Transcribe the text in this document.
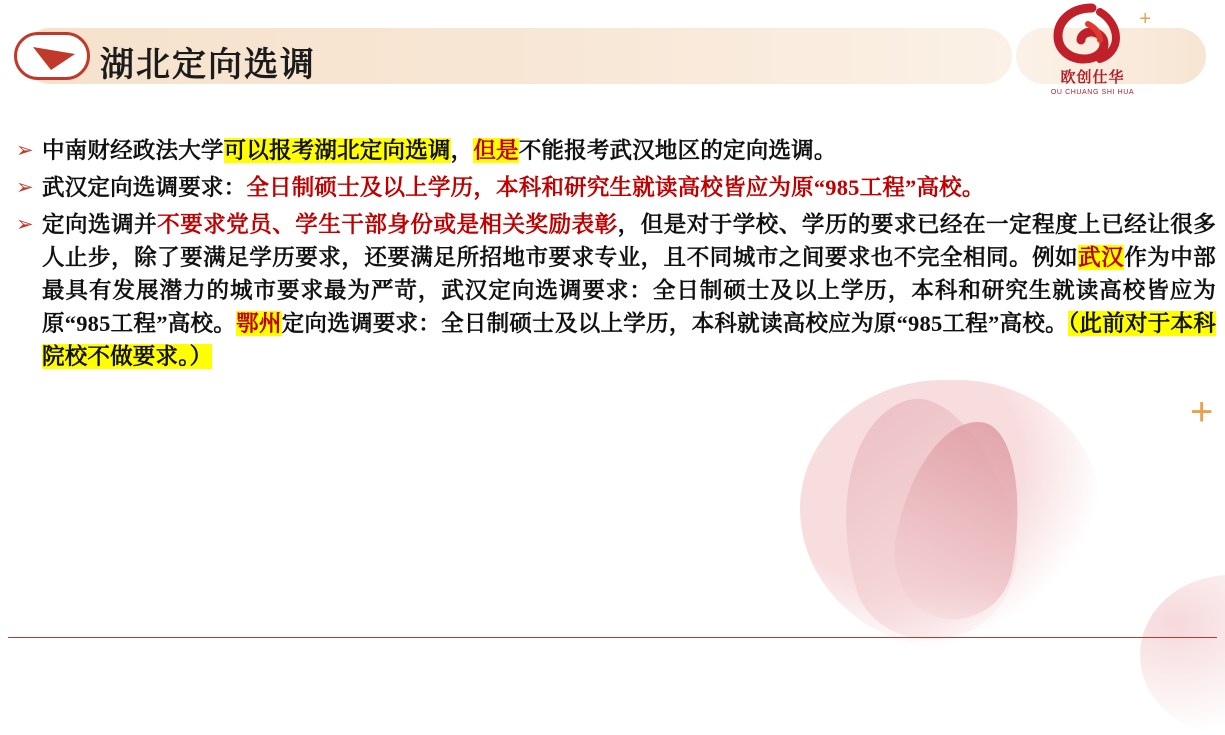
+
湖北定向选调
+
欧创仕华
OU CHUANG SHI HUA
➢ 中南财经政法大学可以报考湖北定向选调，但是不能报考武汉地区的定向选调。
➢ 武汉定向选调要求：全日制硕士及以上学历，本科和研究生就读高校皆应为原“985工程”高校。
➢ 定向选调并不要求党员、学生干部身份或是相关奖励表彰，但是对于学校、学历的要求已经在一定程度上已经让很多人止步，除了要满足学历要求，还要满足所招地市要求专业，且不同城市之间要求也不完全相同。例如武汉作为中部最具有发展潜力的城市要求最为严苛，武汉定向选调要求：全日制硕士及以上学历，本科和研究生就读高校皆应为原“985工程”高校。鄂州定向选调要求：全日制硕士及以上学历，本科就读高校应为原“985工程”高校。（此前对于本科院校不做要求。）
